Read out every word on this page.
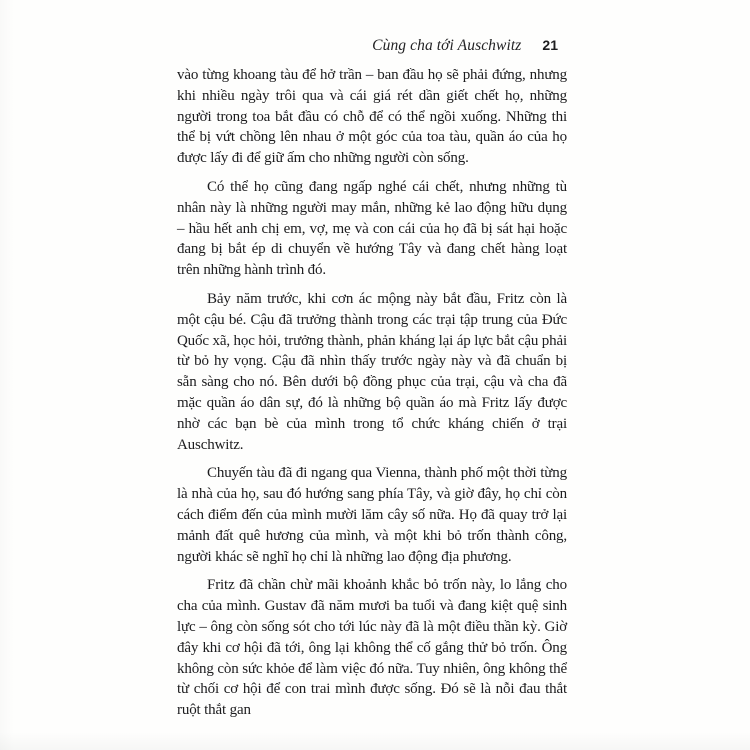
Cùng cha tới Auschwitz 21

vào từng khoang tàu để hở trần – ban đầu họ sẽ phải đứng, nhưng khi nhiều ngày trôi qua và cái giá rét dần giết chết họ, những người trong toa bắt đầu có chỗ để có thể ngồi xuống. Những thi thể bị vứt chồng lên nhau ở một góc của toa tàu, quần áo của họ được lấy đi để giữ ấm cho những người còn sống.

Có thể họ cũng đang ngấp nghé cái chết, nhưng những tù nhân này là những người may mắn, những kẻ lao động hữu dụng – hầu hết anh chị em, vợ, mẹ và con cái của họ đã bị sát hại hoặc đang bị bắt ép di chuyển về hướng Tây và đang chết hàng loạt trên những hành trình đó.

Bảy năm trước, khi cơn ác mộng này bắt đầu, Fritz còn là một cậu bé. Cậu đã trưởng thành trong các trại tập trung của Đức Quốc xã, học hỏi, trưởng thành, phản kháng lại áp lực bắt cậu phải từ bỏ hy vọng. Cậu đã nhìn thấy trước ngày này và đã chuẩn bị sẵn sàng cho nó. Bên dưới bộ đồng phục của trại, cậu và cha đã mặc quần áo dân sự, đó là những bộ quần áo mà Fritz lấy được nhờ các bạn bè của mình trong tổ chức kháng chiến ở trại Auschwitz.

Chuyến tàu đã đi ngang qua Vienna, thành phố một thời từng là nhà của họ, sau đó hướng sang phía Tây, và giờ đây, họ chỉ còn cách điểm đến của mình mười lăm cây số nữa. Họ đã quay trở lại mảnh đất quê hương của mình, và một khi bỏ trốn thành công, người khác sẽ nghĩ họ chỉ là những lao động địa phương.

Fritz đã chần chừ mãi khoảnh khắc bỏ trốn này, lo lắng cho cha của mình. Gustav đã năm mươi ba tuổi và đang kiệt quệ sinh lực – ông còn sống sót cho tới lúc này đã là một điều thần kỳ. Giờ đây khi cơ hội đã tới, ông lại không thể cố gắng thử bỏ trốn. Ông không còn sức khỏe để làm việc đó nữa. Tuy nhiên, ông không thể từ chối cơ hội để con trai mình được sống. Đó sẽ là nỗi đau thắt ruột thắt gan
